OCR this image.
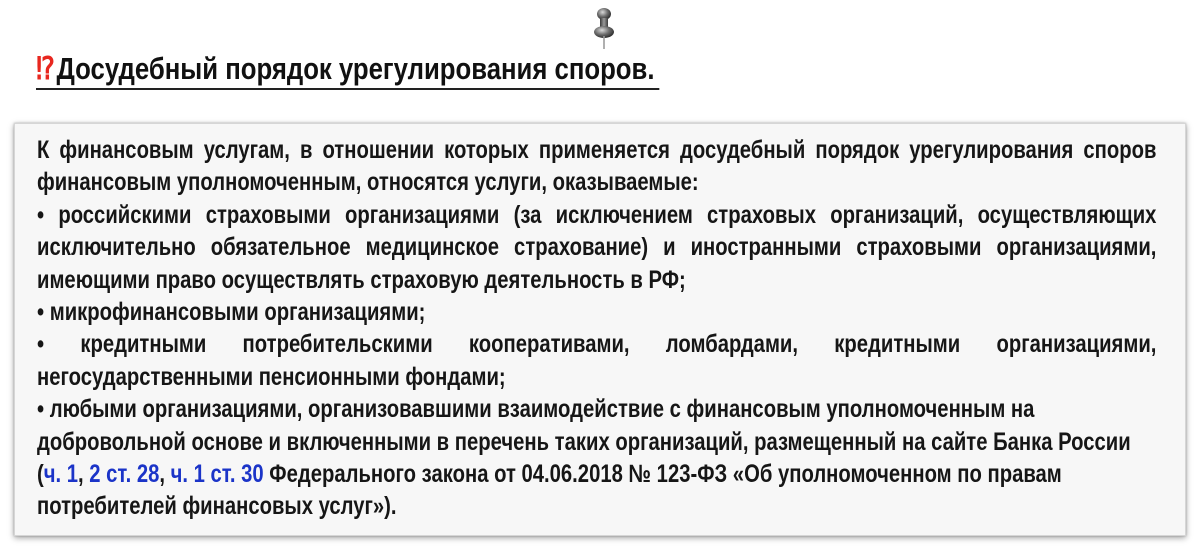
⁉Досудебный порядок урегулирования споров.

К финансовым услугам, в отношении которых применяется досудебный порядок урегулирования споров финансовым уполномоченным, относятся услуги, оказываемые:

• российскими страховыми организациями (за исключением страховых организаций, осуществляющих исключительно обязательное медицинское страхование) и иностранными страховыми организациями, имеющими право осуществлять страховую деятельность в РФ;

• микрофинансовыми организациями;

• кредитными потребительскими кооперативами, ломбардами, кредитными организациями, негосударственными пенсионными фондами;

• любыми организациями, организовавшими взаимодействие с финансовым уполномоченным на добровольной основе и включенными в перечень таких организаций, размещенный на сайте Банка России (ч. 1, 2 ст. 28, ч. 1 ст. 30 Федерального закона от 04.06.2018 № 123-ФЗ «Об уполномоченном по правам потребителей финансовых услуг»).
